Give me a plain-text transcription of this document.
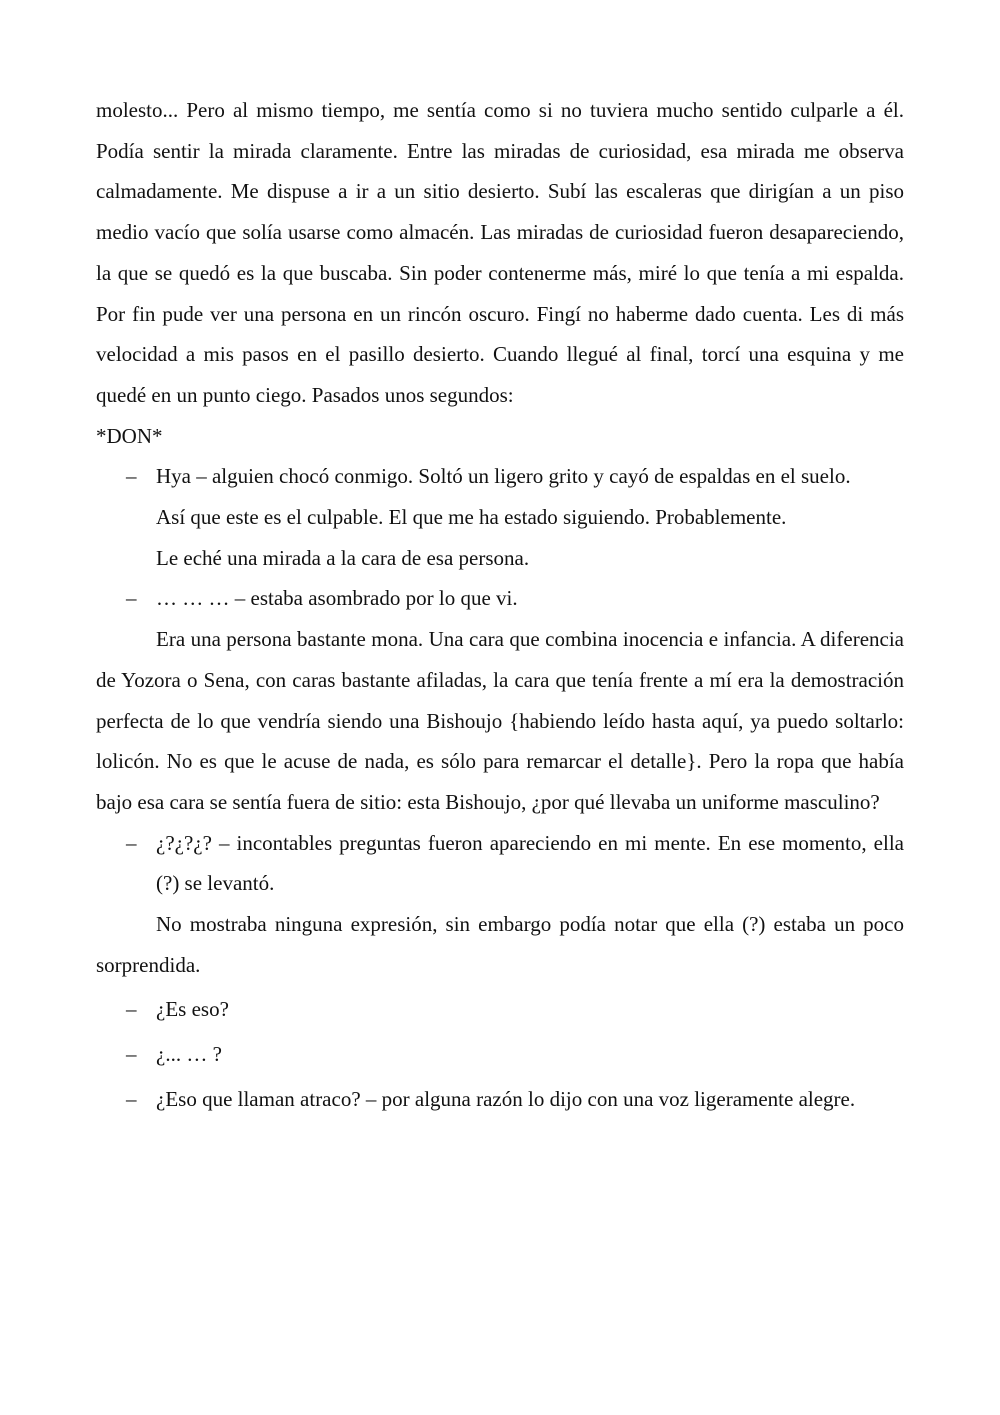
molesto... Pero al mismo tiempo, me sentía como si no tuviera mucho sentido culparle a él. Podía sentir la mirada claramente. Entre las miradas de curiosidad, esa mirada me observa calmadamente. Me dispuse a ir a un sitio desierto. Subí las escaleras que dirigían a un piso medio vacío que solía usarse como almacén. Las miradas de curiosidad fueron desapareciendo, la que se quedó es la que buscaba. Sin poder contenerme más, miré lo que tenía a mi espalda. Por fin pude ver una persona en un rincón oscuro. Fingí no haberme dado cuenta. Les di más velocidad a mis pasos en el pasillo desierto. Cuando llegué al final, torcí una esquina y me quedé en un punto ciego. Pasados unos segundos:

*DON*

– Hya – alguien chocó conmigo. Soltó un ligero grito y cayó de espaldas en el suelo.

Así que este es el culpable. El que me ha estado siguiendo. Probablemente.

Le eché una mirada a la cara de esa persona.

– … … … – estaba asombrado por lo que vi.

Era una persona bastante mona. Una cara que combina inocencia e infancia. A diferencia de Yozora o Sena, con caras bastante afiladas, la cara que tenía frente a mí era la demostración perfecta de lo que vendría siendo una Bishoujo {habiendo leído hasta aquí, ya puedo soltarlo: lolicón. No es que le acuse de nada, es sólo para remarcar el detalle}. Pero la ropa que había bajo esa cara se sentía fuera de sitio: esta Bishoujo, ¿por qué llevaba un uniforme masculino?

– ¿?¿?¿? – incontables preguntas fueron apareciendo en mi mente. En ese momento, ella (?) se levantó.

No mostraba ninguna expresión, sin embargo podía notar que ella (?) estaba un poco sorprendida.

– ¿Es eso?
– ¿... … ?
– ¿Eso que llaman atraco? – por alguna razón lo dijo con una voz ligeramente alegre.
